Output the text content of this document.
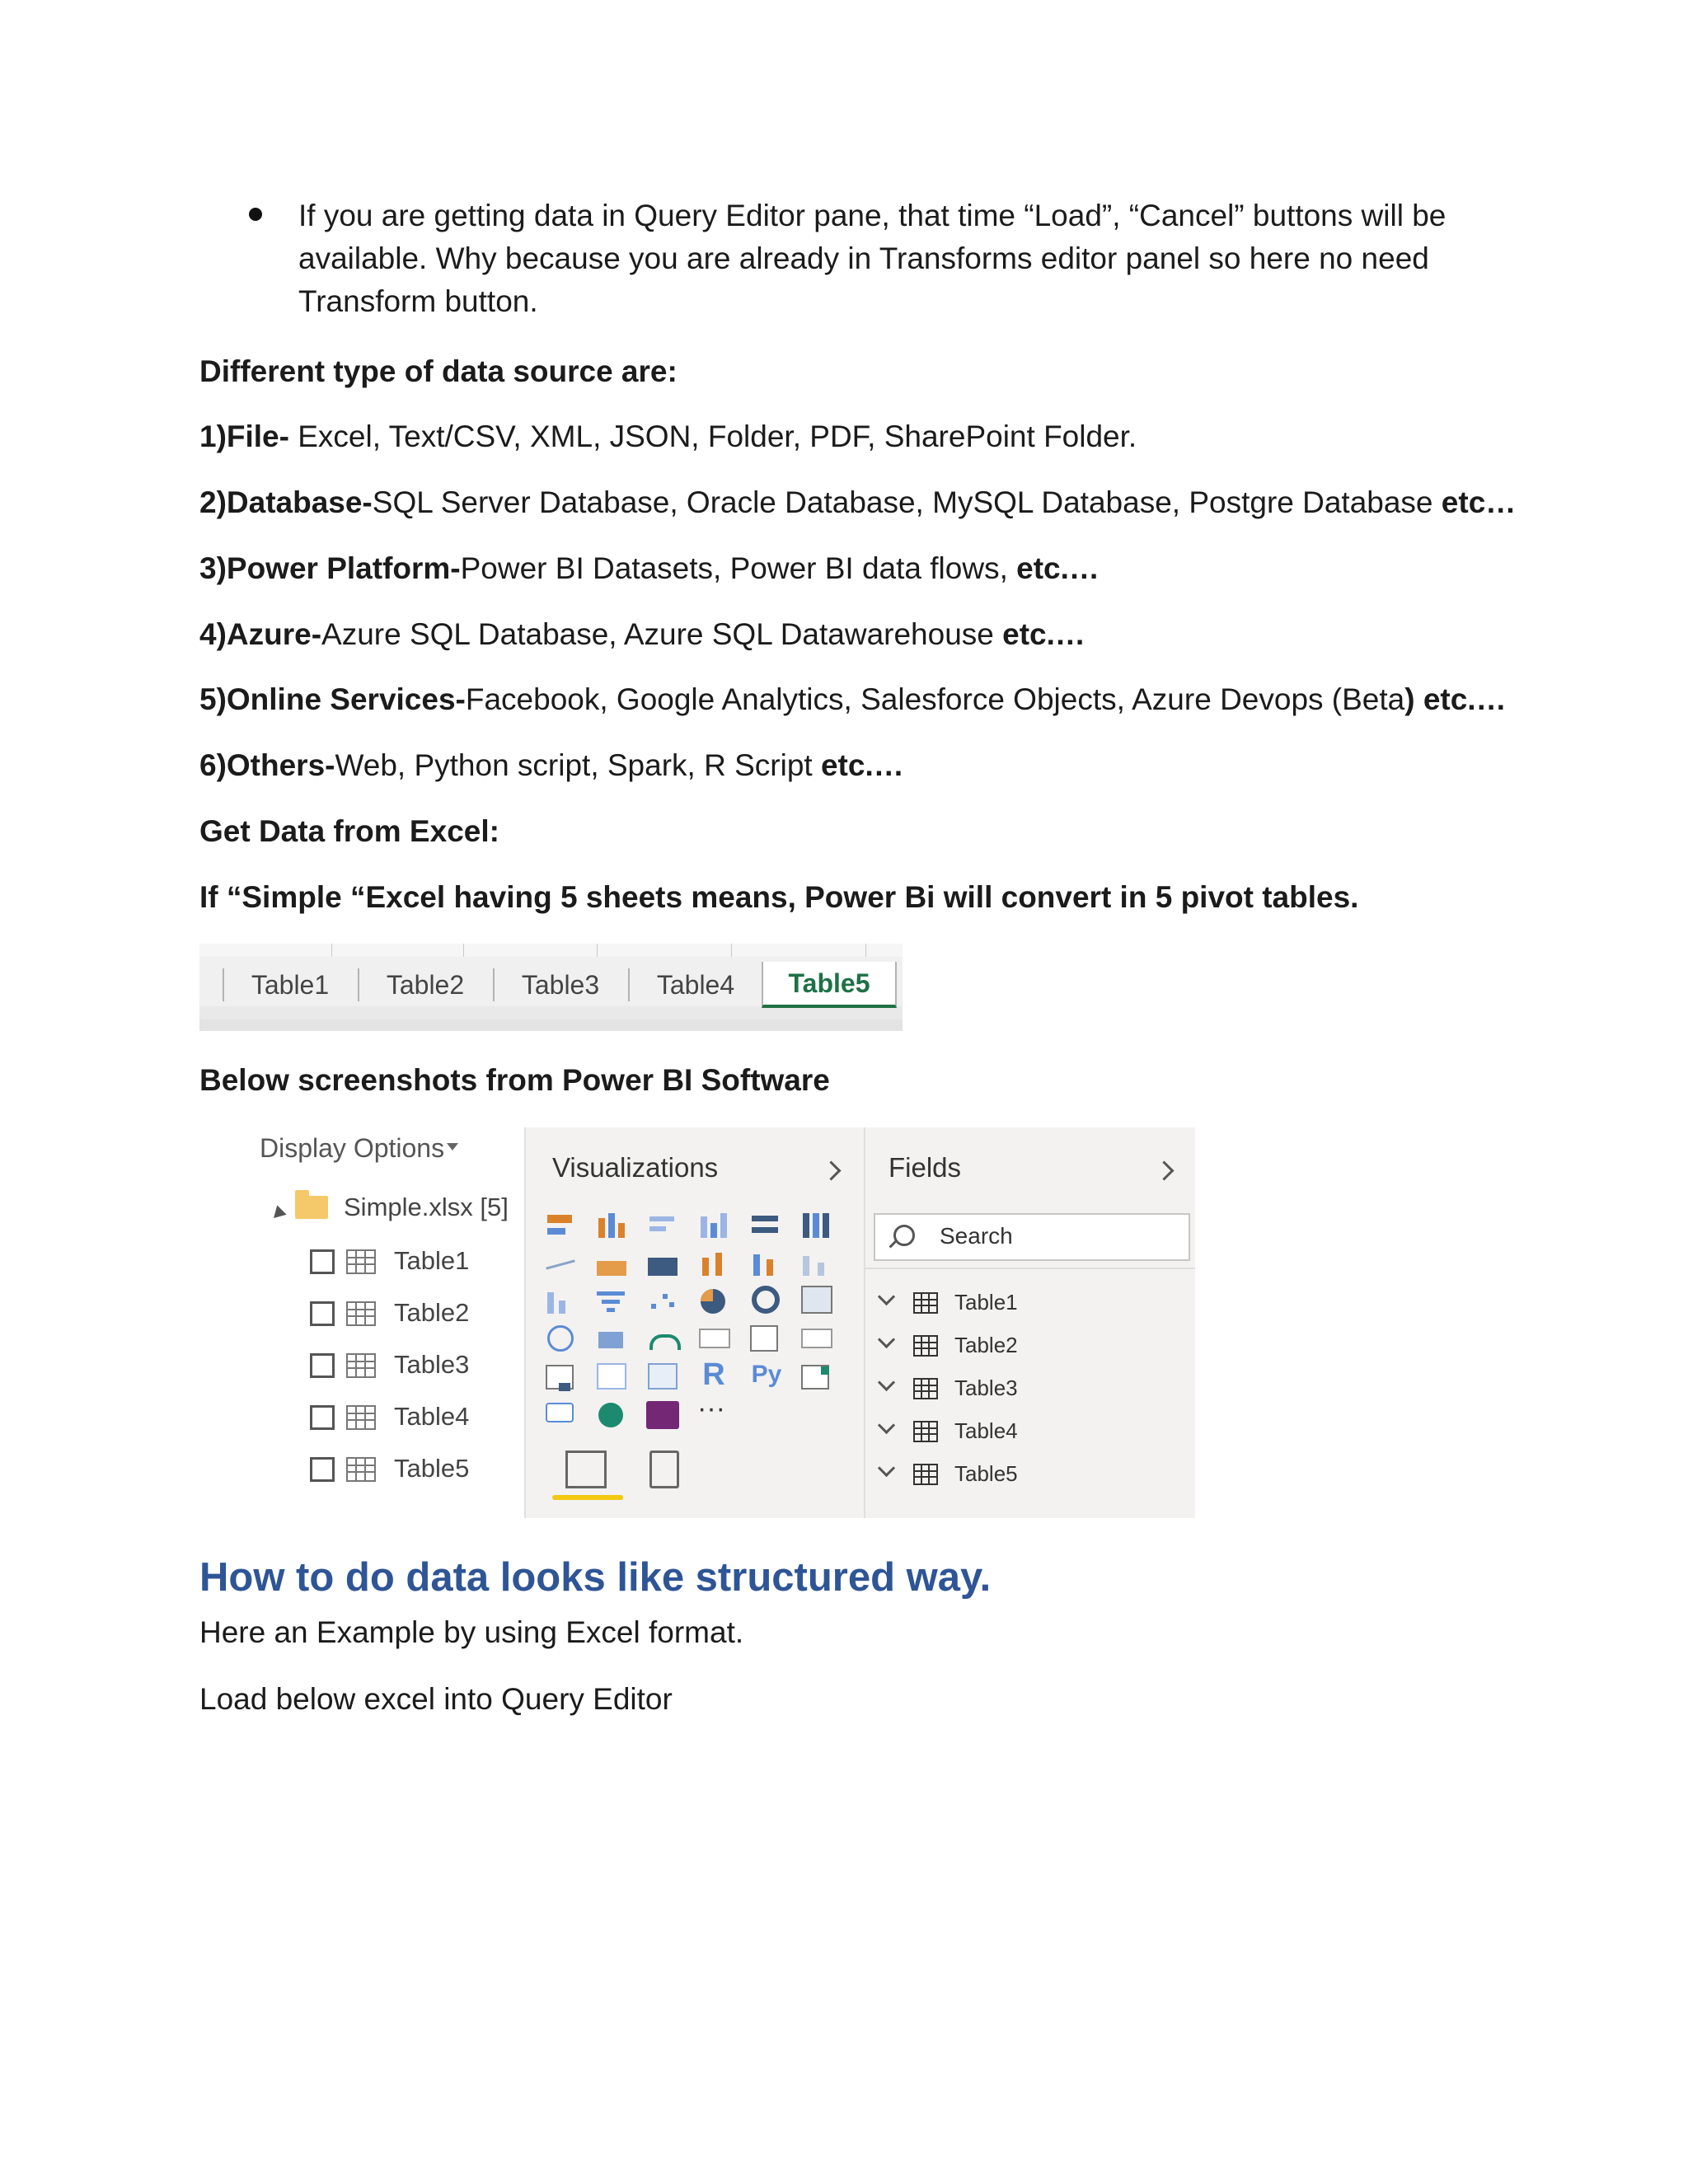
If you are getting data in Query Editor pane, that time “Load”, “Cancel” buttons will be available. Why because you are already in Transforms editor panel so here no need Transform button.
Different type of data source are:
1)File- Excel, Text/CSV, XML, JSON, Folder, PDF, SharePoint Folder.
2)Database-SQL Server Database, Oracle Database, MySQL Database, Postgre Database etc…
3)Power Platform-Power BI Datasets, Power BI data flows, etc.…
4)Azure-Azure SQL Database, Azure SQL Datawarehouse etc.…
5)Online Services-Facebook, Google Analytics, Salesforce Objects, Azure Devops (Beta) etc.…
6)Others-Web, Python script, Spark, R Script etc.…
Get Data from Excel:
If “Simple “Excel having 5 sheets means, Power Bi will convert in 5 pivot tables.
Table1	Table2	Table3	Table4	Table5
Below screenshots from Power BI Software
Display Options
Simple.xlsx [5]
Table1
Table2
Table3
Table4
Table5
Visualizations
R Py
···
Fields
Search
Table1
Table2
Table3
Table4
Table5
How to do data looks like structured way.
Here an Example by using Excel format.
Load below excel into Query Editor
